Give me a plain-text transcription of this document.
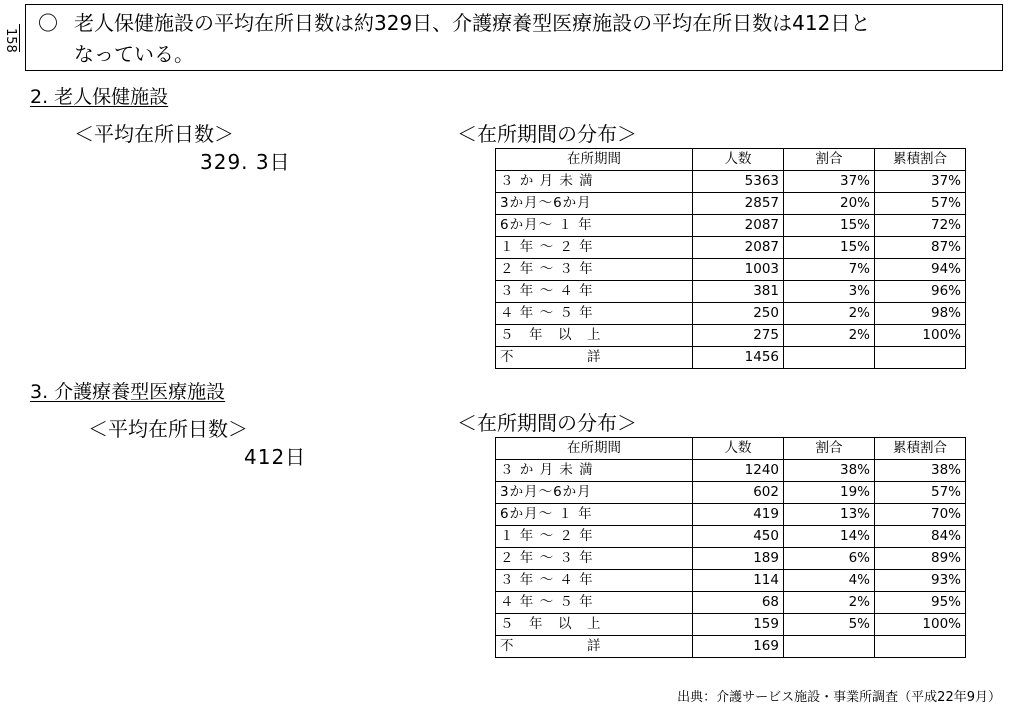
158
〇 老人保健施設の平均在所日数は約329日、介護療養型医療施設の平均在所日数は412日と
なっている。
2. 老人保健施設
＜平均在所日数＞
329. 3日
＜在所期間の分布＞
在所期間	人数	割合	累積割合
３ か 月 未 満	5363	37%	37%
3か月～6か月	2857	20%	57%
6か月～ １ 年	2087	15%	72%
１ 年 ～ ２ 年	2087	15%	87%
２ 年 ～ ３ 年	1003	7%	94%
３ 年 ～ ４ 年	381	3%	96%
４ 年 ～ ５ 年	250	2%	98%
５　年　以　上	275	2%	100%
不　　　　　詳	1456		
3. 介護療養型医療施設
＜平均在所日数＞
412日
＜在所期間の分布＞
在所期間	人数	割合	累積割合
３ か 月 未 満	1240	38%	38%
3か月～6か月	602	19%	57%
6か月～ １ 年	419	13%	70%
１ 年 ～ ２ 年	450	14%	84%
２ 年 ～ ３ 年	189	6%	89%
３ 年 ～ ４ 年	114	4%	93%
４ 年 ～ ５ 年	68	2%	95%
５　年　以　上	159	5%	100%
不　　　　　詳	169		
出典：介護サービス施設・事業所調査（平成22年9月）
